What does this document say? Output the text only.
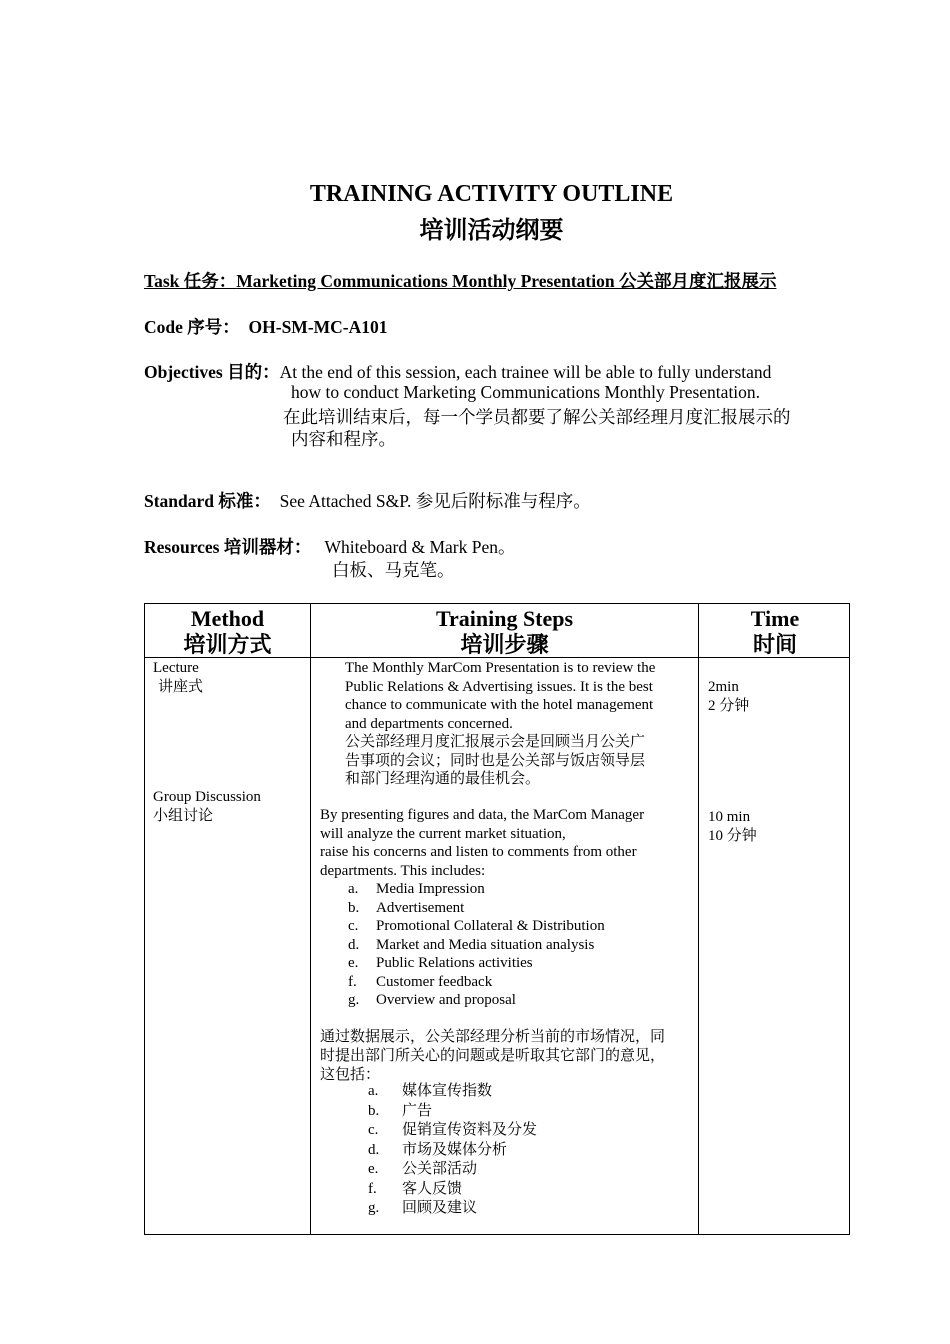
TRAINING ACTIVITY OUTLINE
培训活动纲要
Task 任务：Marketing Communications Monthly Presentation 公关部月度汇报展示
Code 序号： OH-SM-MC-A101
Objectives 目的：At the end of this session, each trainee will be able to fully understand
how to conduct Marketing Communications Monthly Presentation.
在此培训结束后，每一个学员都要了解公关部经理月度汇报展示的
内容和程序。
Standard 标准： See Attached S&P. 参见后附标准与程序。
Resources 培训器材： Whiteboard & Mark Pen。
白板、马克笔。
Method
培训方式
Training Steps
培训步骤
Time
时间
Lecture
讲座式
Group Discussion
小组讨论
The Monthly MarCom Presentation is to review the
Public Relations & Advertising issues. It is the best
chance to communicate with the hotel management
and departments concerned.
公关部经理月度汇报展示会是回顾当月公关广
告事项的会议；同时也是公关部与饭店领导层
和部门经理沟通的最佳机会。
By presenting figures and data, the MarCom Manager
will analyze the current market situation,
raise his concerns and listen to comments from other
departments. This includes:
a. Media Impression
b. Advertisement
c. Promotional Collateral & Distribution
d. Market and Media situation analysis
e. Public Relations activities
f. Customer feedback
g. Overview and proposal
通过数据展示，公关部经理分析当前的市场情况，同
时提出部门所关心的问题或是听取其它部门的意见，
这包括：
a. 媒体宣传指数
b. 广告
c. 促销宣传资料及分发
d. 市场及媒体分析
e. 公关部活动
f. 客人反馈
g. 回顾及建议
2min
2 分钟
10 min
10 分钟
